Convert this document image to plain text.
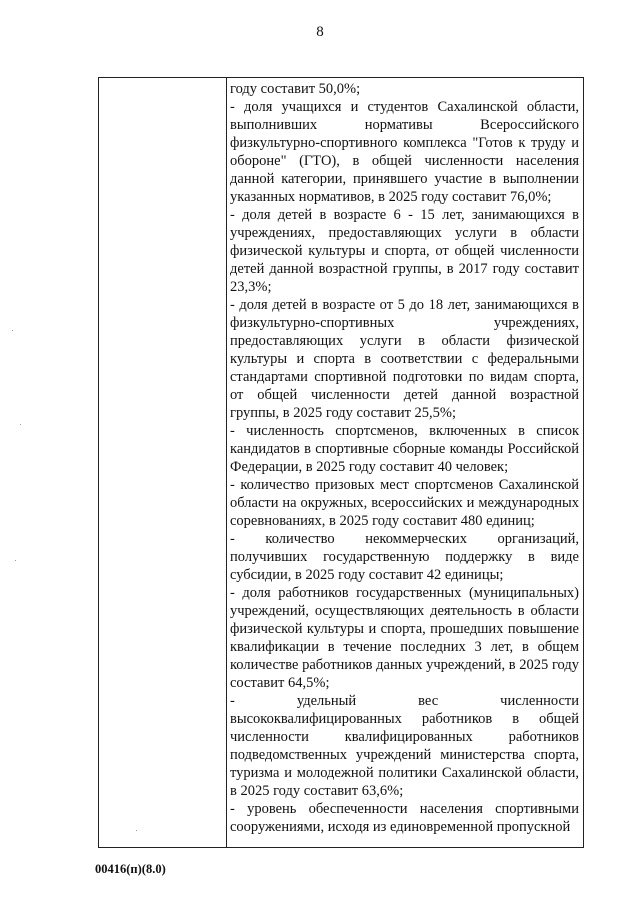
8

году составит 50,0%;

- доля учащихся и студентов Сахалинской области, выполнивших нормативы Всероссийского физкультурно-спортивного комплекса "Готов к труду и обороне" (ГТО), в общей численности населения данной категории, принявшего участие в выполнении указанных нормативов, в 2025 году составит 76,0%;

- доля детей в возрасте 6 - 15 лет, занимающихся в учреждениях, предоставляющих услуги в области физической культуры и спорта, от общей численности детей данной возрастной группы, в 2017 году составит 23,3%;

- доля детей в возрасте от 5 до 18 лет, занимающихся в физкультурно-спортивных учреждениях, предоставляющих услуги в области физической культуры и спорта в соответствии с федеральными стандартами спортивной подготовки по видам спорта, от общей численности детей данной возрастной группы, в 2025 году составит 25,5%;

- численность спортсменов, включенных в список кандидатов в спортивные сборные команды Российской Федерации, в 2025 году составит 40 человек;

- количество призовых мест спортсменов Сахалинской области на окружных, всероссийских и международных соревнованиях, в 2025 году составит 480 единиц;

- количество некоммерческих организаций, получивших государственную поддержку в виде субсидии, в 2025 году составит 42 единицы;

- доля работников государственных (муниципальных) учреждений, осуществляющих деятельность в области физической культуры и спорта, прошедших повышение квалификации в течение последних 3 лет, в общем количестве работников данных учреждений, в 2025 году составит 64,5%;

- удельный вес численности высококвалифицированных работников в общей численности квалифицированных работников подведомственных учреждений министерства спорта, туризма и молодежной политики Сахалинской области, в 2025 году составит 63,6%;

- уровень обеспеченности населения спортивными сооружениями, исходя из единовременной пропускной

00416(п)(8.0)
